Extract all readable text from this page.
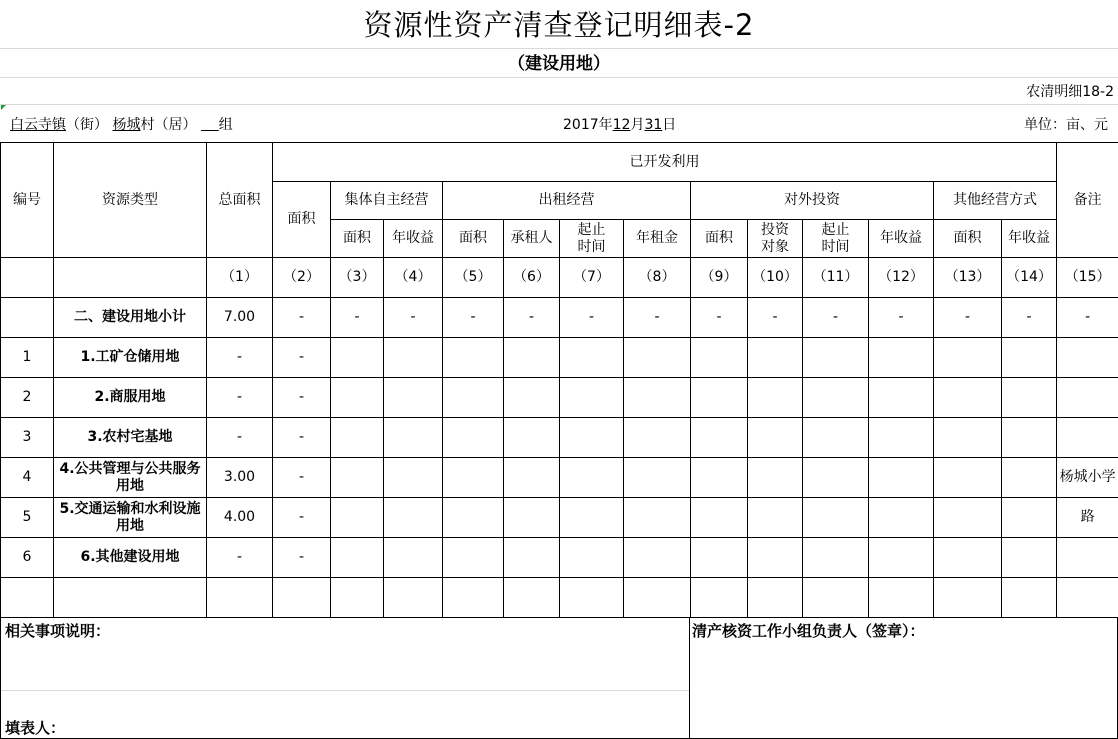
资源性资产清查登记明细表-2
（建设用地）
农清明细18-2
白云寺镇（街） 杨城村（居） 组	2017年12月31日	单位：亩、元
编号	资源类型	总面积	已开发利用													备注
			面积	集体自主经营		出租经营				对外投资				其他经营方式		
				面积	年收益	面积	承租人	起止时间	年租金	面积	投资对象	起止时间	年收益	面积	年收益	
		（1）	（2）	（3）	（4）	（5）	（6）	（7）	（8）	（9）	（10）	（11）	（12）	（13）	（14）	（15）
	二、建设用地小计	7.00	-	-	-	-	-	-	-	-	-	-	-	-	-	-
1	1.工矿仓储用地	-	-													
2	2.商服用地	-	-													
3	3.农村宅基地	-	-													
4	4.公共管理与公共服务用地	3.00	-													杨城小学
5	5.交通运输和水利设施用地	4.00	-													路
6	6.其他建设用地	-	-													

相关事项说明：
填表人：
清产核资工作小组负责人（签章）：
